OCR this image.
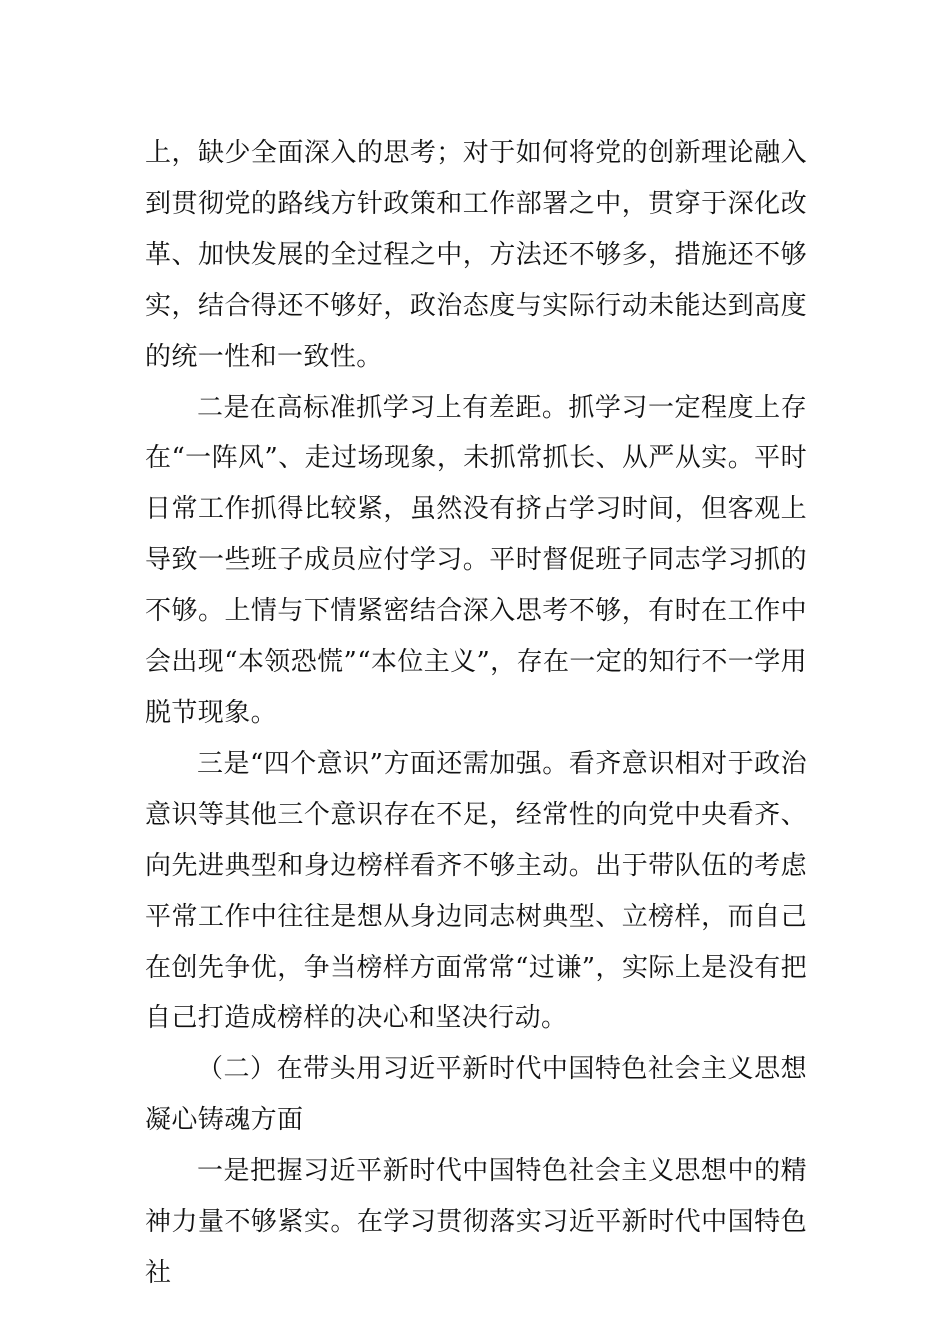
上，缺少全面深入的思考；对于如何将党的创新理论融入到贯彻党的路线方针政策和工作部署之中，贯穿于深化改革、加快发展的全过程之中，方法还不够多，措施还不够实，结合得还不够好，政治态度与实际行动未能达到高度的统一性和一致性。

二是在高标准抓学习上有差距。抓学习一定程度上存在“一阵风”、走过场现象，未抓常抓长、从严从实。平时日常工作抓得比较紧，虽然没有挤占学习时间，但客观上导致一些班子成员应付学习。平时督促班子同志学习抓的不够。上情与下情紧密结合深入思考不够，有时在工作中会出现“本领恐慌”“本位主义”，存在一定的知行不一学用脱节现象。

三是“四个意识”方面还需加强。看齐意识相对于政治意识等其他三个意识存在不足，经常性的向党中央看齐、向先进典型和身边榜样看齐不够主动。出于带队伍的考虑平常工作中往往是想从身边同志树典型、立榜样，而自己在创先争优，争当榜样方面常常“过谦”，实际上是没有把自己打造成榜样的决心和坚决行动。

（二）在带头用习近平新时代中国特色社会主义思想凝心铸魂方面

一是把握习近平新时代中国特色社会主义思想中的精神力量不够紧实。在学习贯彻落实习近平新时代中国特色社
